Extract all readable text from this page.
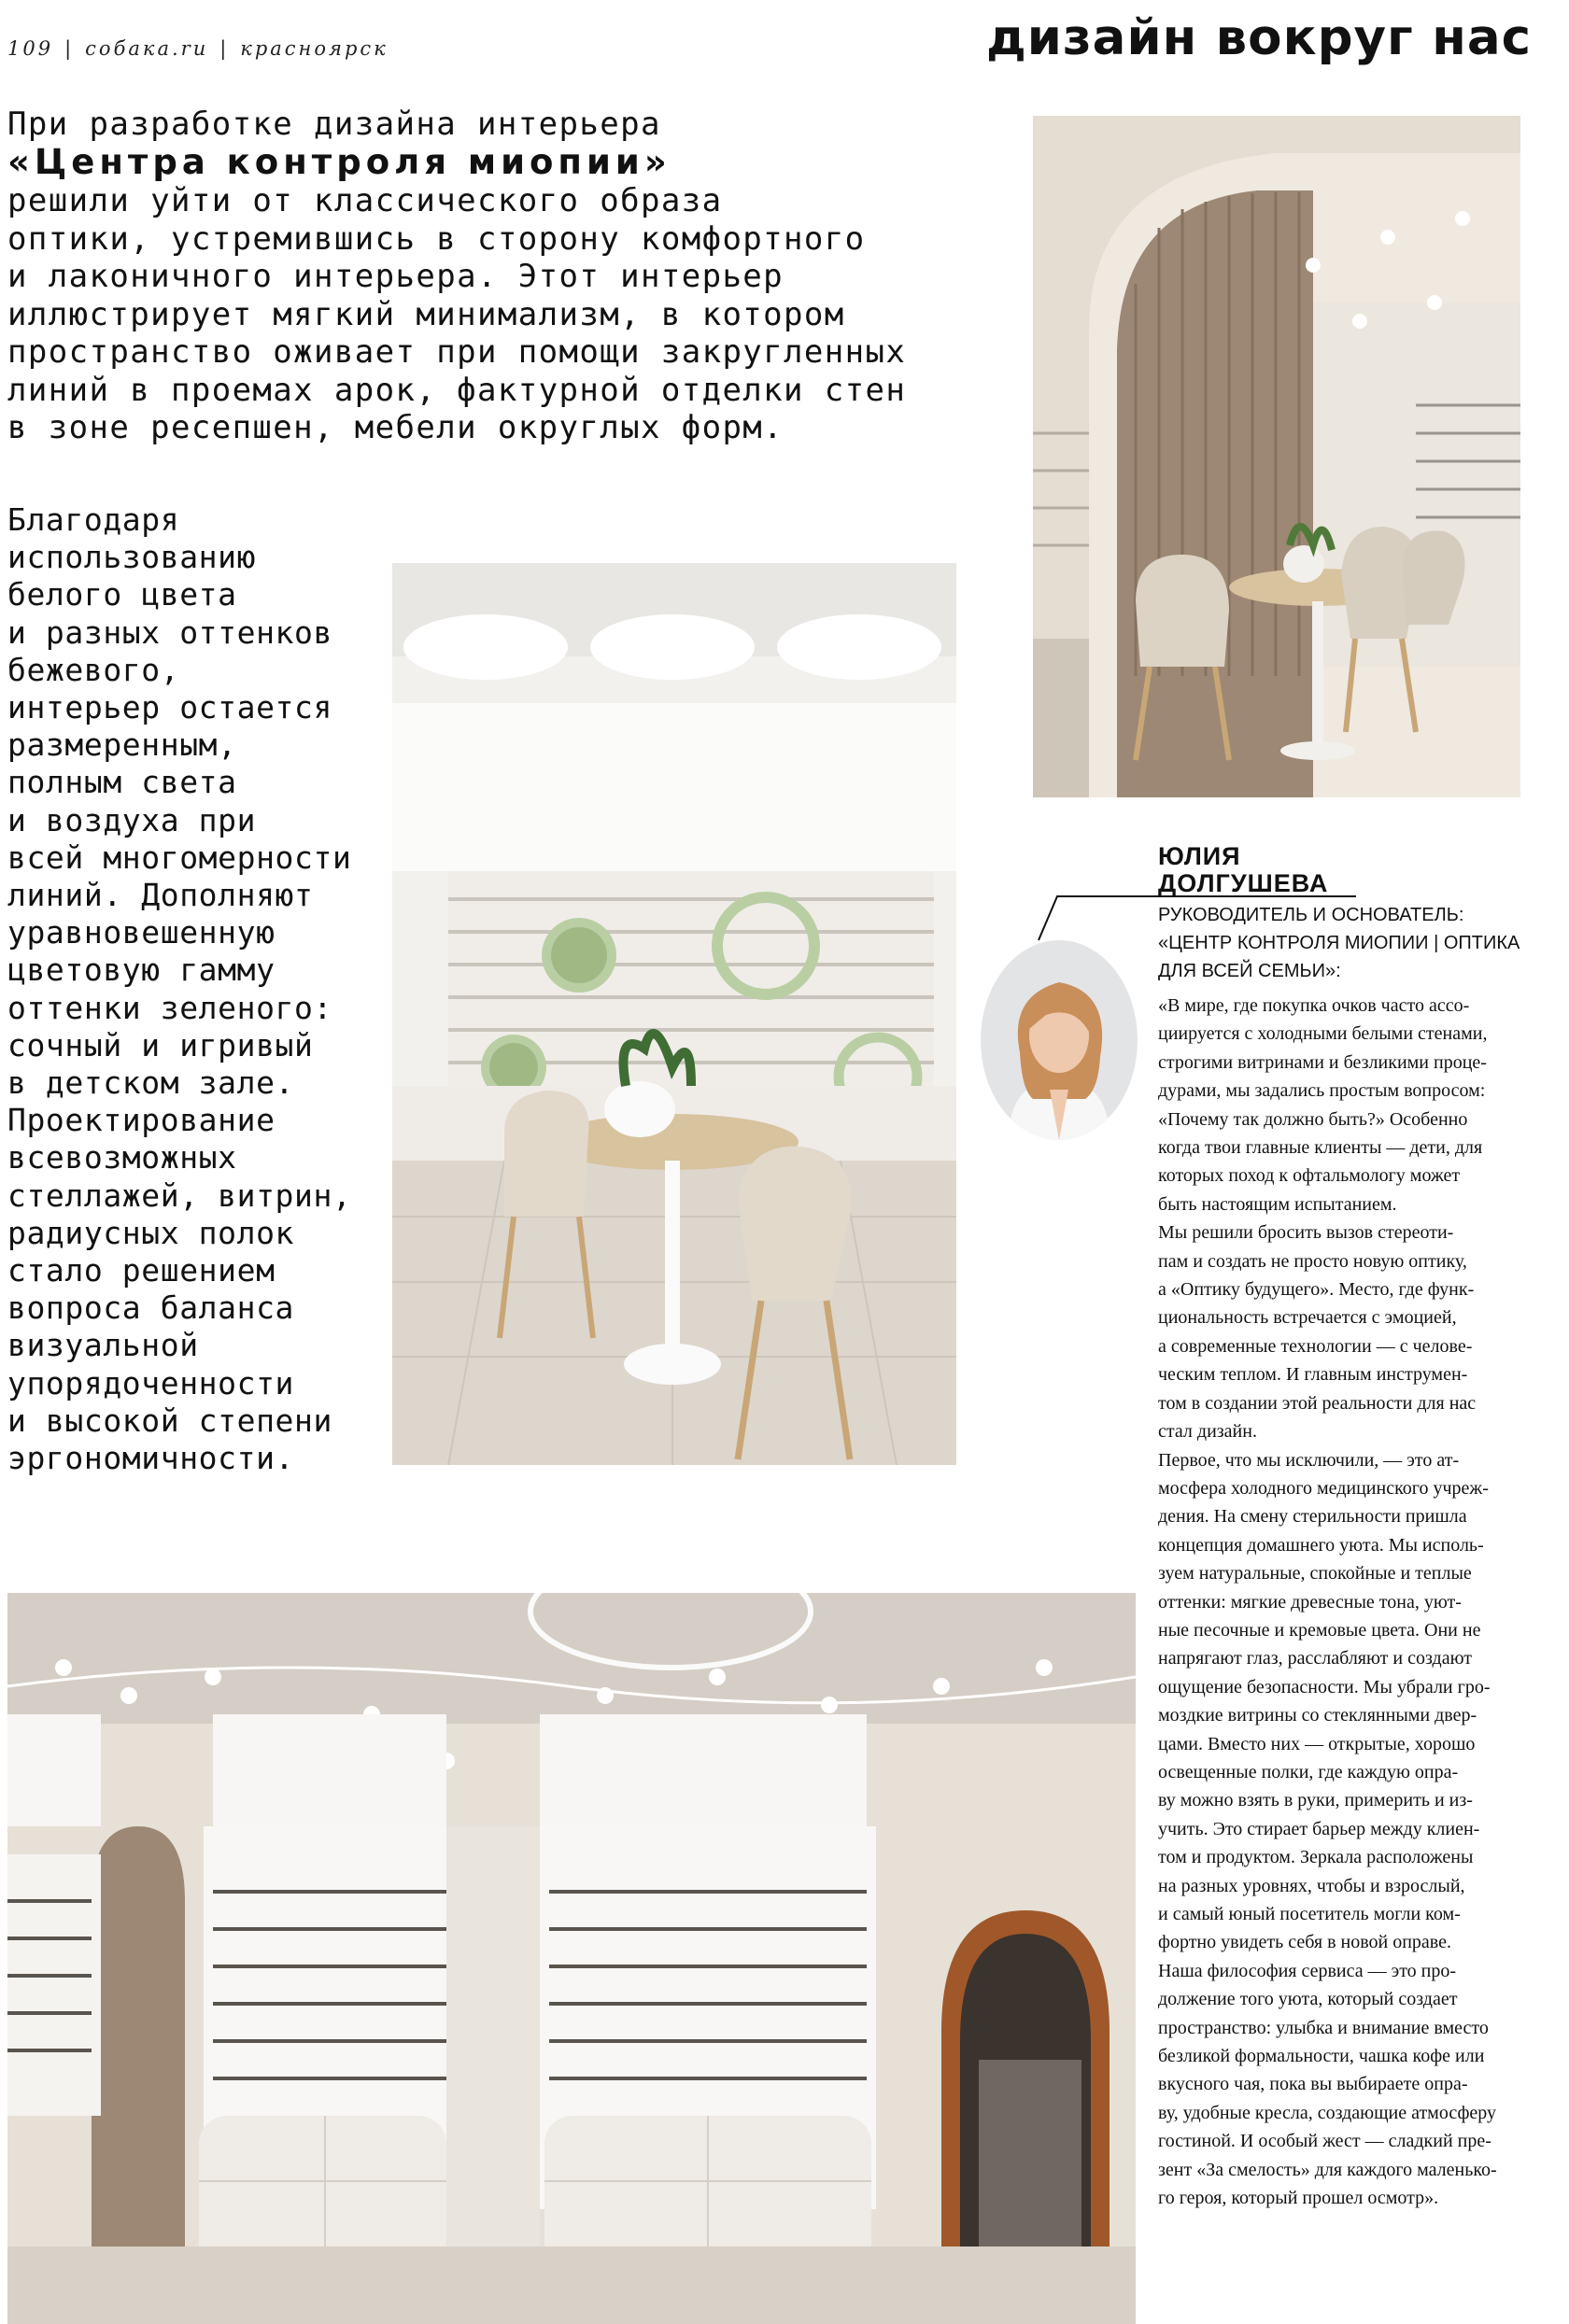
109 | собака.ru | красноярск	дизайн вокруг нас
При разработке дизайна интерьера
«Центра контроля миопии»
решили уйти от классического образа
оптики, устремившись в сторону комфортного
и лаконичного интерьера. Этот интерьер
иллюстрирует мягкий минимализм, в котором
пространство оживает при помощи закругленных
линий в проемах арок, фактурной отделки стен
в зоне ресепшен, мебели округлых форм.
Благодаря
использованию
белого цвета
и разных оттенков
бежевого,
интерьер остается
размеренным,
полным света
и воздуха при
всей многомерности
линий. Дополняют
уравновешенную
цветовую гамму
оттенки зеленого:
сочный и игривый
в детском зале.
Проектирование
всевозможных
стеллажей, витрин,
радиусных полок
стало решением
вопроса баланса
визуальной
упорядоченности
и высокой степени
эргономичности.
ЮЛИЯ
ДОЛГУШЕВА
РУКОВОДИТЕЛЬ И ОСНОВАТЕЛЬ:
«ЦЕНТР КОНТРОЛЯ МИОПИИ | ОПТИКА
ДЛЯ ВСЕЙ СЕМЬИ»:
«В мире, где покупка очков часто ассо-
циируется с холодными белыми стенами,
строгими витринами и безликими проце-
дурами, мы задались простым вопросом:
«Почему так должно быть?» Особенно
когда твои главные клиенты — дети, для
которых поход к офтальмологу может
быть настоящим испытанием.
Мы решили бросить вызов стереоти-
пам и создать не просто новую оптику,
а «Оптику будущего». Место, где функ-
циональность встречается с эмоцией,
а современные технологии — с челове-
ческим теплом. И главным инструмен-
том в создании этой реальности для нас
стал дизайн.
Первое, что мы исключили, — это ат-
мосфера холодного медицинского учреж-
дения. На смену стерильности пришла
концепция домашнего уюта. Мы исполь-
зуем натуральные, спокойные и теплые
оттенки: мягкие древесные тона, уют-
ные песочные и кремовые цвета. Они не
напрягают глаз, расслабляют и создают
ощущение безопасности. Мы убрали гро-
моздкие витрины со стеклянными двер-
цами. Вместо них — открытые, хорошо
освещенные полки, где каждую опра-
ву можно взять в руки, примерить и из-
учить. Это стирает барьер между клиен-
том и продуктом. Зеркала расположены
на разных уровнях, чтобы и взрослый,
и самый юный посетитель могли ком-
фортно увидеть себя в новой оправе.
Наша философия сервиса — это про-
должение того уюта, который создает
пространство: улыбка и внимание вместо
безликой формальности, чашка кофе или
вкусного чая, пока вы выбираете опра-
ву, удобные кресла, создающие атмосферу
гостиной. И особый жест — сладкий пре-
зент «За смелость» для каждого маленько-
го героя, который прошел осмотр».
